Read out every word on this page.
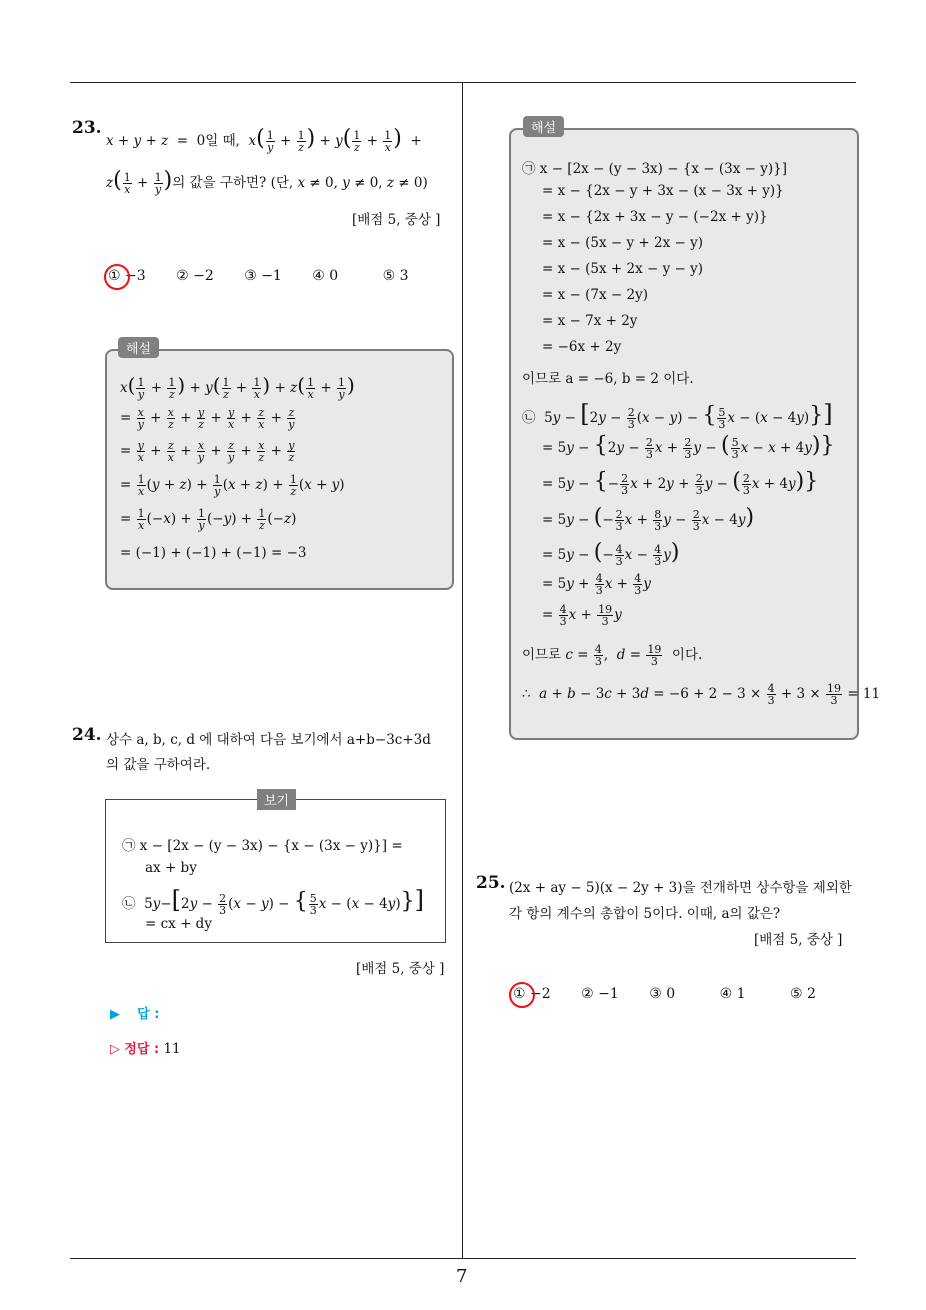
7
23.
x + y + z  =  0일 때,  $x( \frac{1}{y} + \frac{1}{z}$ ) + $y( \frac{1}{z} + \frac{1}{x}$ )  +
$z( \frac{1}{x} + \frac{1}{y}$ )의 값을 구하면? (단, x ≠ 0, y ≠ 0, z ≠ 0)
[배점 5, 중상 ]
① −3 ② −2 ③ −1 ④ 0	⑤ 3
해설
$x( \frac{1}{y} + \frac{1}{z}$ ) + $y( \frac{1}{z} + \frac{1}{x}$ ) + $z( \frac{1}{x} + \frac{1}{y}$ )
= $\frac{x}{y} + \frac{x}{z} + \frac{y}{z} + \frac{y}{x} + \frac{z}{x} + \frac{z}{y}$
= $\frac{y}{x} + \frac{z}{x} + \frac{x}{y} + \frac{z}{y} + \frac{x}{z} + \frac{y}{z}$
= $\frac{1}{x} (y + z) + \frac{1}{y} (x + z) + \frac{1}{z} (x + y)$
= $\frac{1}{x} (-x) + \frac{1}{y} (-y) + \frac{1}{z} (-z)$
= (−1) + (−1) + (−1) = −3
24. 상수 a, b, c, d 에 대하여 다음 보기에서 a+b−3c+3d
의 값을 구하여라.
보기
㉠ x − [2x − (y − 3x) − {x − (3x − y)}] =
ax + by
㉡  $5y-[2y - \frac{2}{3} (x - y)$ − { $\frac{5}{3}$ x − (x − 4y)}]
= cx + dy
[배점 5, 중상 ]
▶ 답 :
▷ 정답 : 11
해설
㉠ x − [2x − (y − 3x) − {x − (3x − y)}]
= x − {2x − y + 3x − (x − 3x + y)}
= x − {2x + 3x − y − (−2x + y)}
= x − (5x − y + 2x − y)
= x − (5x + 2x − y − y)
= x − (7x − 2y)
= x − 7x + 2y
= −6x + 2y
이므로 a = −6, b = 2 이다.
㉡  $5y - [2y - \frac{2}{3} (x - y)$ − { $\frac{5}{3}$ x − (x − 4y)}]
= $5y - \{2y - \frac{2}{3}$ $x + \frac{2}{3}$ y − ( $\frac{5}{3}$ x − x + 4y)}
= 5y − {− $\frac{2}{3}$ $x + 2y + \frac{2}{3}$ y − ( $\frac{2}{3}$ x + 4y)}
= 5y − (− $\frac{2}{3}$ $x + \frac{8}{3}$ $y - \frac{2}{3}$ x − 4y)
= 5y − (− $\frac{4}{3}$ $x - \frac{4}{3} y$)
= $5y + \frac{4}{3}$ $x + \frac{4}{3}$ y
= $\frac{4}{3}$ $x + \frac{19}{3}$ y
이므로 $c = \frac{4}{3}$ ,  $d = \frac{19}{3}$ 이다.
∴  $a + b - 3c + 3d = -6 + 2 - 3 \times \frac{4}{3} + 3 \times \frac{19}{3} = 11$
25. (2x + ay − 5)(x − 2y + 3)을 전개하면 상수항을 제외한
각 항의 계수의 총합이 5이다. 이때, a의 값은?
[배점 5, 중상 ]
① −2 ② −1 ③ 0	④ 1	⑤ 2
